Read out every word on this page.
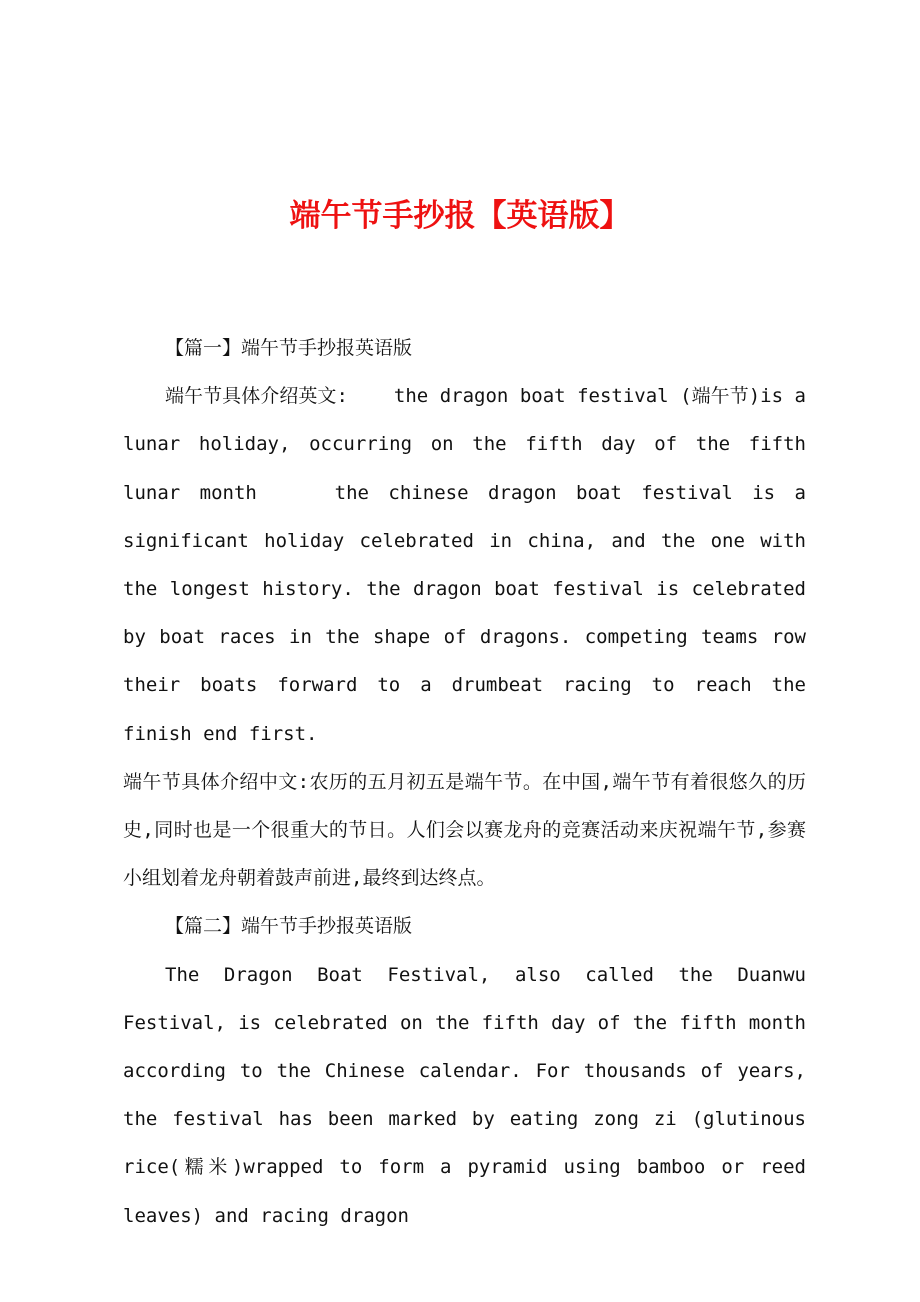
端午节手抄报【英语版】

【篇一】端午节手抄报英语版

端午节具体介绍英文:    the dragon boat festival (端午节)is a lunar holiday, occurring on the fifth day of the fifth lunar month    the chinese dragon boat festival is a significant holiday celebrated in china, and the one with the longest history. the dragon boat festival is celebrated by boat races in the shape of dragons. competing teams row their boats forward to a drumbeat racing to reach the finish end first.

端午节具体介绍中文:农历的五月初五是端午节。在中国,端午节有着很悠久的历史,同时也是一个很重大的节日。人们会以赛龙舟的竞赛活动来庆祝端午节,参赛小组划着龙舟朝着鼓声前进,最终到达终点。

【篇二】端午节手抄报英语版

The Dragon Boat Festival, also called the Duanwu Festival, is celebrated on the fifth day of the fifth month according to the Chinese calendar. For thousands of years, the festival has been marked by eating zong zi (glutinous rice(糯米)wrapped to form a pyramid using bamboo or reed leaves) and racing dragon
